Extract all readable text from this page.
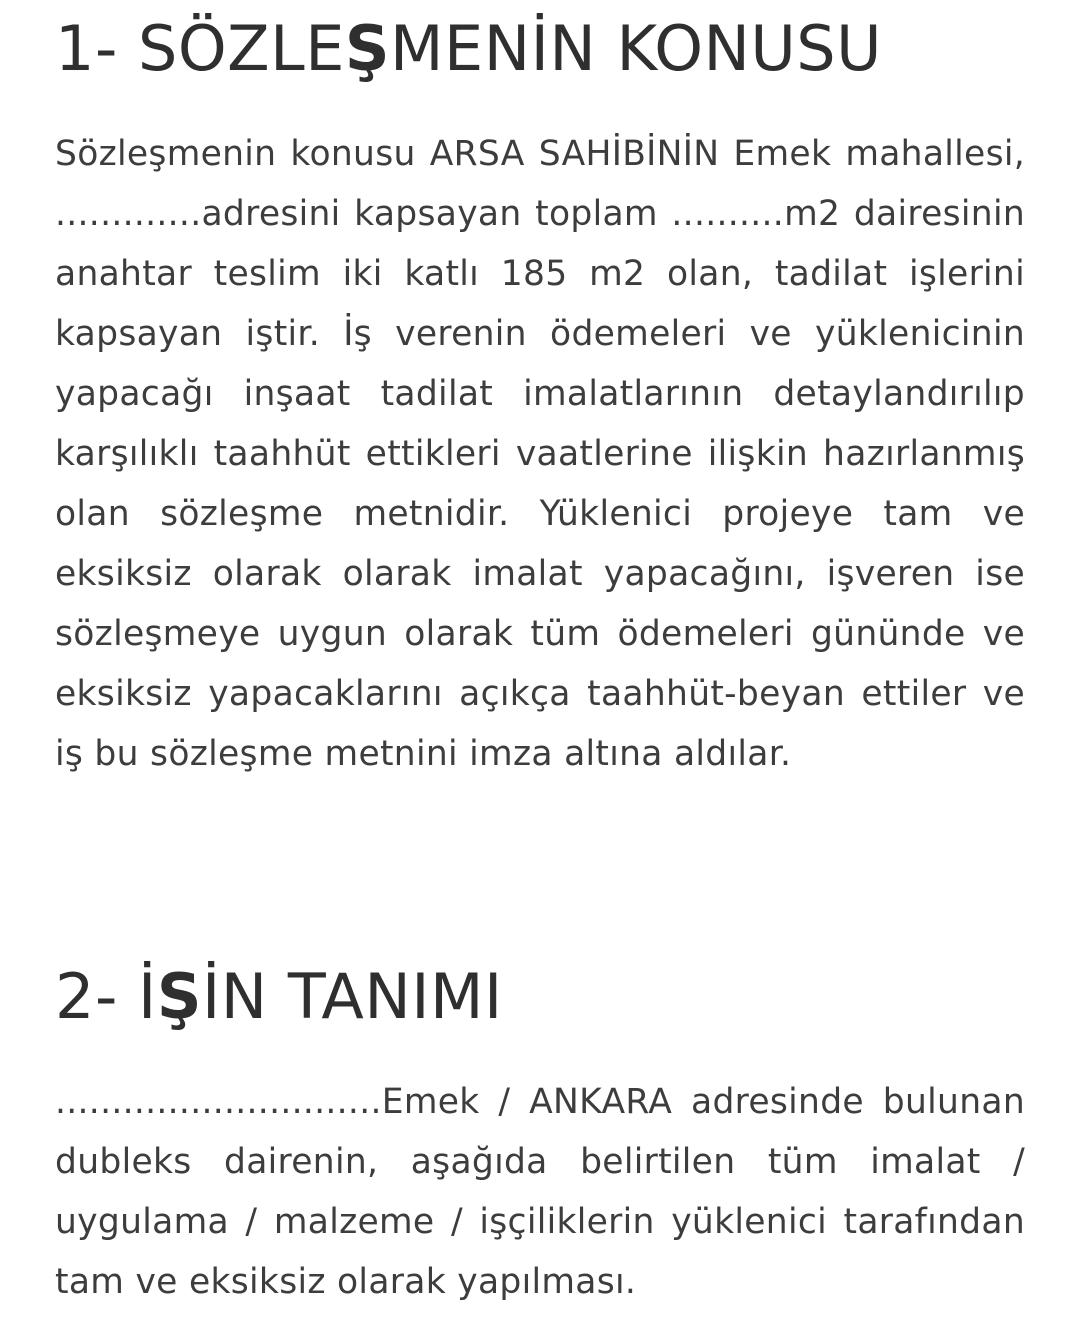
1- SÖZLEŞMENİN KONUSU

Sözleşmenin konusu ARSA SAHİBİNİN Emek mahallesi, .............adresini kapsayan toplam ..........m2 dairesinin anahtar teslim iki katlı 185 m2 olan, tadilat işlerini kapsayan iştir. İş verenin ödemeleri ve yüklenicinin yapacağı inşaat tadilat imalatlarının detaylandırılıp karşılıklı taahhüt ettikleri vaatlerine ilişkin hazırlanmış olan sözleşme metnidir. Yüklenici projeye tam ve eksiksiz olarak olarak imalat yapacağını, işveren ise sözleşmeye uygun olarak tüm ödemeleri gününde ve eksiksiz yapacaklarını açıkça taahhüt-beyan ettiler ve iş bu sözleşme metnini imza altına aldılar.

2- İŞİN TANIMI

.............................Emek / ANKARA adresinde bulunan dubleks dairenin, aşağıda belirtilen tüm imalat / uygulama / malzeme / işçiliklerin yüklenici tarafından tam ve eksiksiz olarak yapılması.
